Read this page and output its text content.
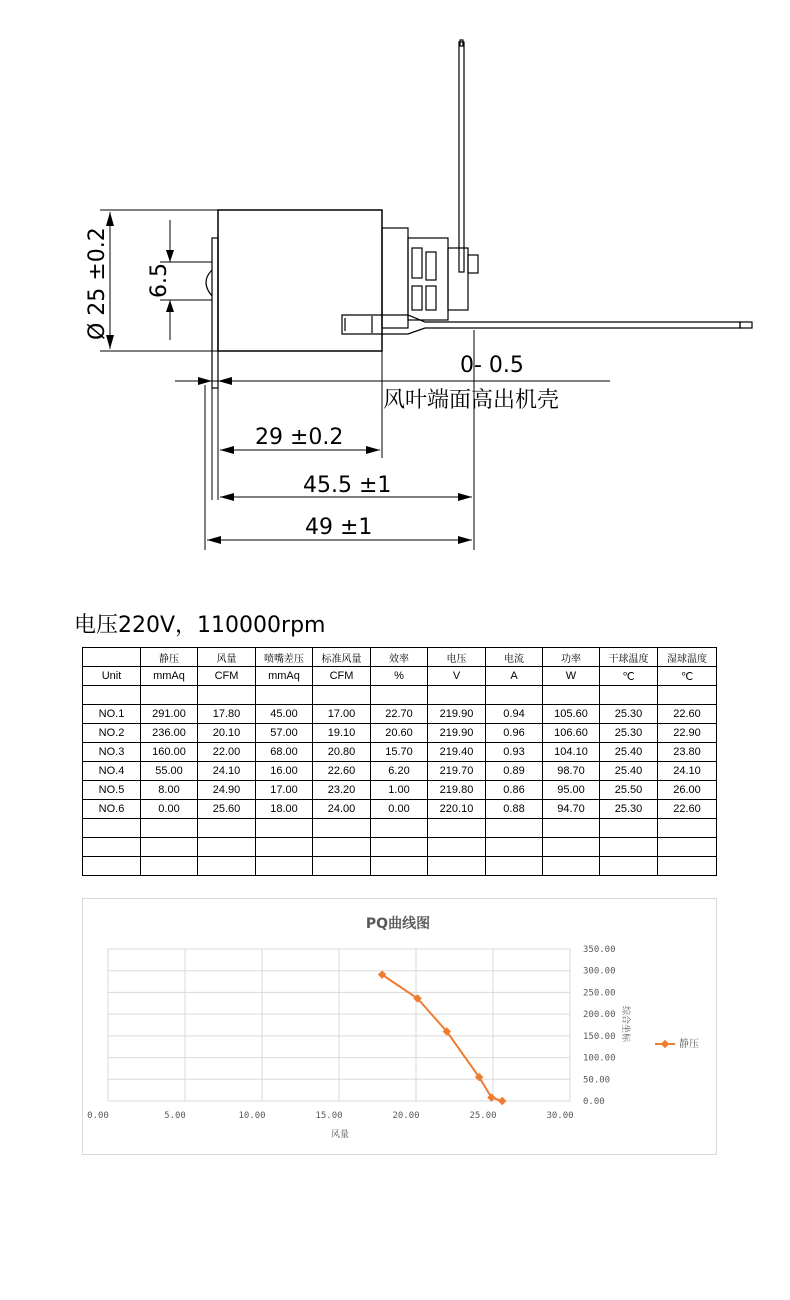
Ø 25 ±0.2 6.5
0- 0.5
风叶端面高出机壳
29 ±0.2
45.5 ±1
49 ±1
电压220V，110000rpm
	静压	风量	喷嘴差压	标准风量	效率	电压	电流	功率	干球温度	湿球温度
Unit	mmAq	CFM	mmAq	CFM	%	V	A	W	℃	℃

NO.1	291.00	17.80	45.00	17.00	22.70	219.90	0.94	105.60	25.30	22.60
NO.2	236.00	20.10	57.00	19.10	20.60	219.90	0.96	106.60	25.30	22.90
NO.3	160.00	22.00	68.00	20.80	15.70	219.40	0.93	104.10	25.40	23.80
NO.4	55.00	24.10	16.00	22.60	6.20	219.70	0.89	98.70	25.40	24.10
NO.5	8.00	24.90	17.00	23.20	1.00	219.80	0.86	95.00	25.50	26.00
NO.6	0.00	25.60	18.00	24.00	0.00	220.10	0.88	94.70	25.30	22.60

PQ曲线图
0.00
50.00
100.00
150.00
200.00
250.00
300.00
350.00
0.00	5.00	10.00	15.00	20.00	25.00	30.00
风量
综合坐标
静压
